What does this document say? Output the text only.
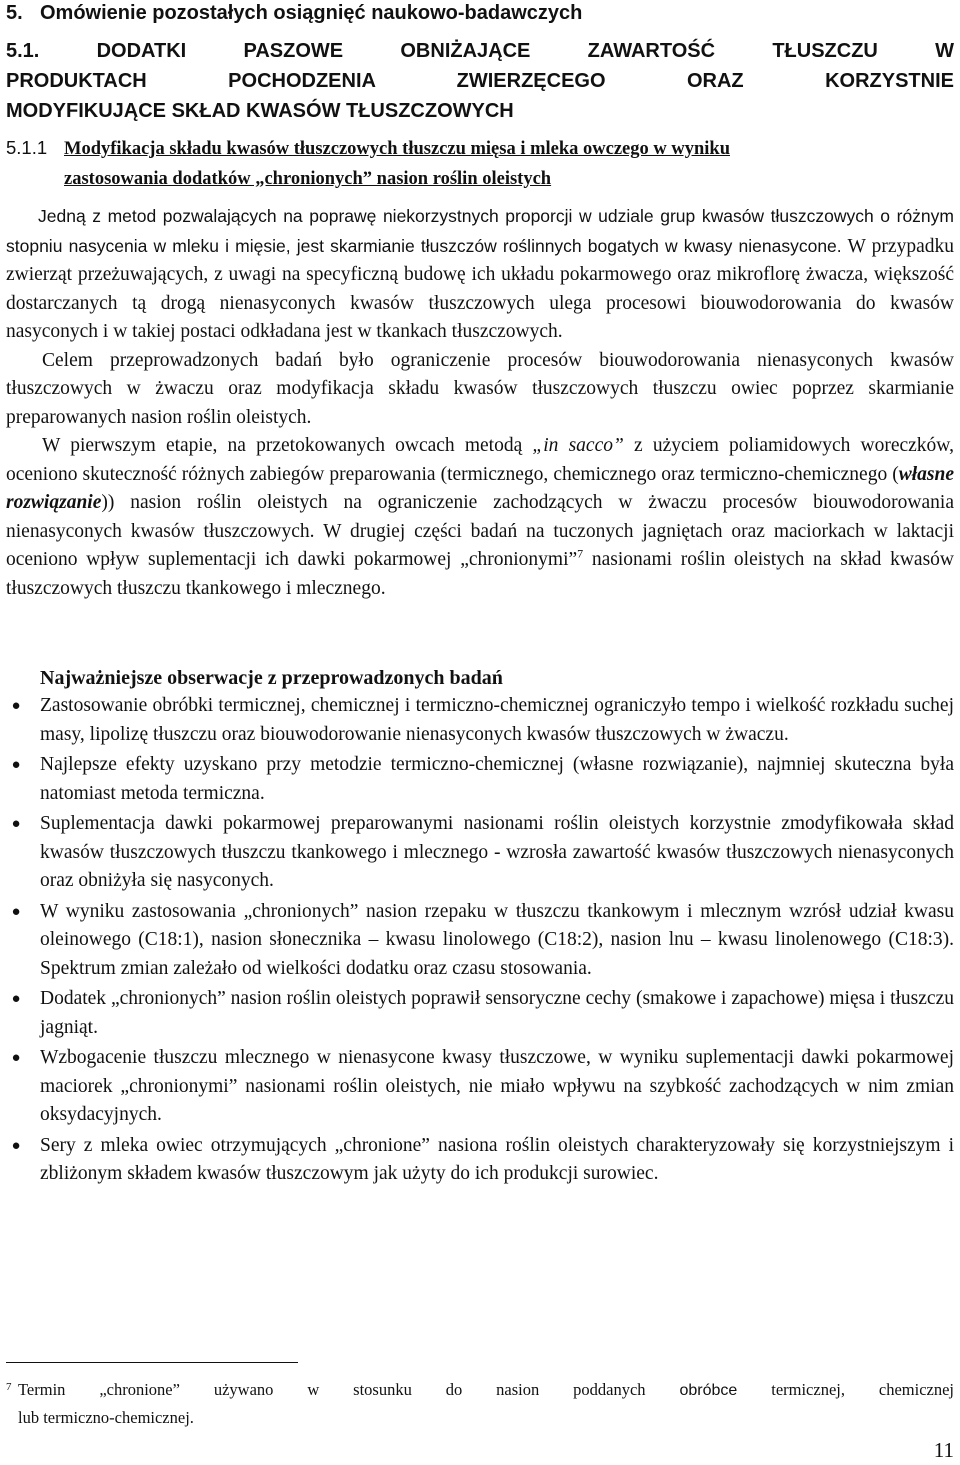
5. Omówienie pozostałych osiągnięć naukowo-badawczych
5.1. DODATKI PASZOWE OBNIŻAJĄCE ZAWARTOŚĆ TŁUSZCZU W
PRODUKTACH POCHODZENIA ZWIERZĘCEGO ORAZ KORZYSTNIE
MODYFIKUJĄCE SKŁAD KWASÓW TŁUSZCZOWYCH
5.1.1 Modyfikacja składu kwasów tłuszczowych tłuszczu mięsa i mleka owczego w wyniku
zastosowania dodatków „chronionych” nasion roślin oleistych

Jedną z metod pozwalających na poprawę niekorzystnych proporcji w udziale grup kwasów tłuszczowych o różnym stopniu nasycenia w mleku i mięsie, jest skarmianie tłuszczów roślinnych bogatych w kwasy nienasycone. W przypadku zwierząt przeżuwających, z uwagi na specyficzną budowę ich układu pokarmowego oraz mikroflorę żwacza, większość dostarczanych tą drogą nienasyconych kwasów tłuszczowych ulega procesowi biouwodorowania do kwasów nasyconych i w takiej postaci odkładana jest w tkankach tłuszczowych.

Celem przeprowadzonych badań było ograniczenie procesów biouwodorowania nienasyconych kwasów tłuszczowych w żwaczu oraz modyfikacja składu kwasów tłuszczowych tłuszczu owiec poprzez skarmianie preparowanych nasion roślin oleistych.

W pierwszym etapie, na przetokowanych owcach metodą „in sacco” z użyciem poliamidowych woreczków, oceniono skuteczność różnych zabiegów preparowania (termicznego, chemicznego oraz termiczno-chemicznego (własne rozwiązanie)) nasion roślin oleistych na ograniczenie zachodzących w żwaczu procesów biouwodorowania nienasyconych kwasów tłuszczowych. W drugiej części badań na tuczonych jagniętach oraz maciorkach w laktacji oceniono wpływ suplementacji ich dawki pokarmowej „chronionymi”$^7$ nasionami roślin oleistych na skład kwasów tłuszczowych tłuszczu tkankowego i mlecznego.

Najważniejsze obserwacje z przeprowadzonych badań
● Zastosowanie obróbki termicznej, chemicznej i termiczno-chemicznej ograniczyło tempo i wielkość rozkładu suchej masy, lipolizę tłuszczu oraz biouwodorowanie nienasyconych kwasów tłuszczowych w żwaczu.
● Najlepsze efekty uzyskano przy metodzie termiczno-chemicznej (własne rozwiązanie), najmniej skuteczna była natomiast metoda termiczna.
● Suplementacja dawki pokarmowej preparowanymi nasionami roślin oleistych korzystnie zmodyfikowała skład kwasów tłuszczowych tłuszczu tkankowego i mlecznego - wzrosła zawartość kwasów tłuszczowych nienasyconych oraz obniżyła się nasyconych.
● W wyniku zastosowania „chronionych” nasion rzepaku w tłuszczu tkankowym i mlecznym wzrósł udział kwasu oleinowego (C18:1), nasion słonecznika – kwasu linolowego (C18:2), nasion lnu – kwasu linolenowego (C18:3). Spektrum zmian zależało od wielkości dodatku oraz czasu stosowania.
● Dodatek „chronionych” nasion roślin oleistych poprawił sensoryczne cechy (smakowe i zapachowe) mięsa i tłuszczu jagniąt.
● Wzbogacenie tłuszczu mlecznego w nienasycone kwasy tłuszczowe, w wyniku suplementacji dawki pokarmowej maciorek „chronionymi” nasionami roślin oleistych, nie miało wpływu na szybkość zachodzących w nim zmian oksydacyjnych.
● Sery z mleka owiec otrzymujących „chronione” nasiona roślin oleistych charakteryzowały się korzystniejszym i zbliżonym składem kwasów tłuszczowym jak użyty do ich produkcji surowiec.
7 Termin „chronione” używano w stosunku do nasion poddanych obróbce termicznej, chemicznej
lub termiczno-chemicznej.
11
